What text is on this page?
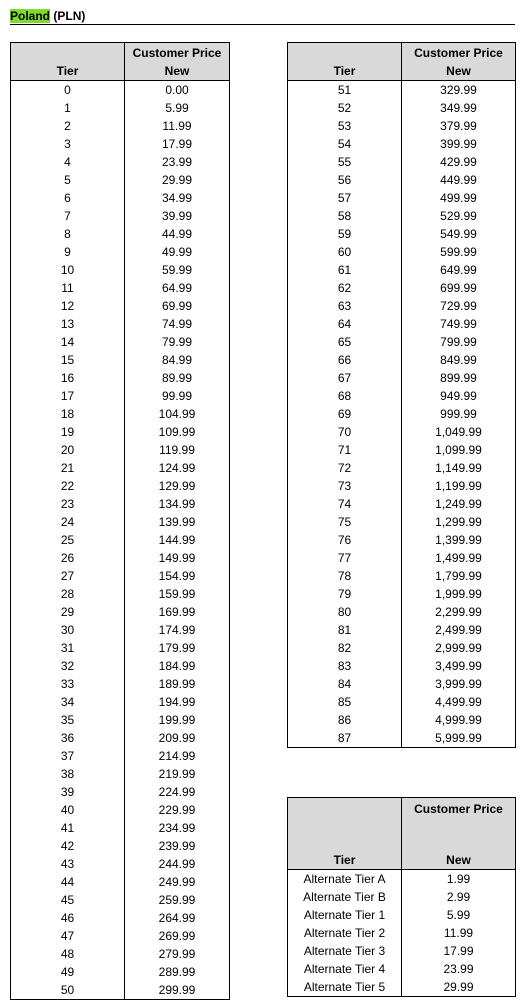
Poland (PLN)
Tier	Customer Price
New
0	0.00
1	5.99
2	11.99
3	17.99
4	23.99
5	29.99
6	34.99
7	39.99
8	44.99
9	49.99
10	59.99
11	64.99
12	69.99
13	74.99
14	79.99
15	84.99
16	89.99
17	99.99
18	104.99
19	109.99
20	119.99
21	124.99
22	129.99
23	134.99
24	139.99
25	144.99
26	149.99
27	154.99
28	159.99
29	169.99
30	174.99
31	179.99
32	184.99
33	189.99
34	194.99
35	199.99
36	209.99
37	214.99
38	219.99
39	224.99
40	229.99
41	234.99
42	239.99
43	244.99
44	249.99
45	259.99
46	264.99
47	269.99
48	279.99
49	289.99
50	299.99
Tier	Customer Price
New
51	329.99
52	349.99
53	379.99
54	399.99
55	429.99
56	449.99
57	499.99
58	529.99
59	549.99
60	599.99
61	649.99
62	699.99
63	729.99
64	749.99
65	799.99
66	849.99
67	899.99
68	949.99
69	999.99
70	1,049.99
71	1,099.99
72	1,149.99
73	1,199.99
74	1,249.99
75	1,299.99
76	1,399.99
77	1,499.99
78	1,799.99
79	1,999.99
80	2,299.99
81	2,499.99
82	2,999.99
83	3,499.99
84	3,999.99
85	4,499.99
86	4,999.99
87	5,999.99
Tier	Customer Price
New

Alternate Tier A	1.99
Alternate Tier B	2.99
Alternate Tier 1	5.99
Alternate Tier 2	11.99
Alternate Tier 3	17.99
Alternate Tier 4	23.99
Alternate Tier 5	29.99
